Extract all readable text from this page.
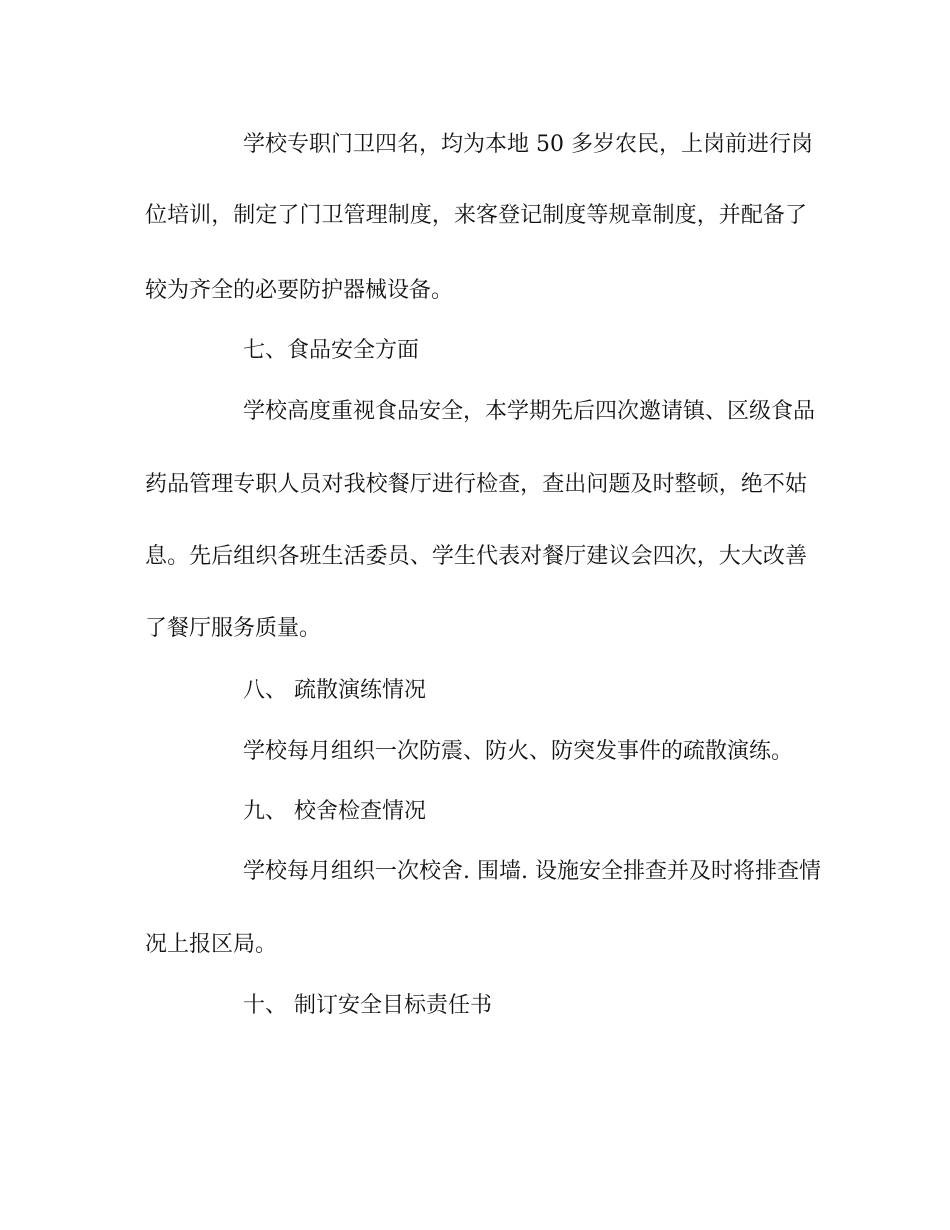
学校专职门卫四名，均为本地 50 多岁农民，上岗前进行岗
位培训，制定了门卫管理制度，来客登记制度等规章制度，并配备了
较为齐全的必要防护器械设备。
七、食品安全方面
学校高度重视食品安全，本学期先后四次邀请镇、区级食品
药品管理专职人员对我校餐厅进行检查，查出问题及时整顿，绝不姑
息。先后组织各班生活委员、学生代表对餐厅建议会四次，大大改善
了餐厅服务质量。
八、 疏散演练情况
学校每月组织一次防震、防火、防突发事件的疏散演练。
九、 校舍检查情况
学校每月组织一次校舍. 围墙. 设施安全排查并及时将排查情
况上报区局。
十、 制订安全目标责任书
